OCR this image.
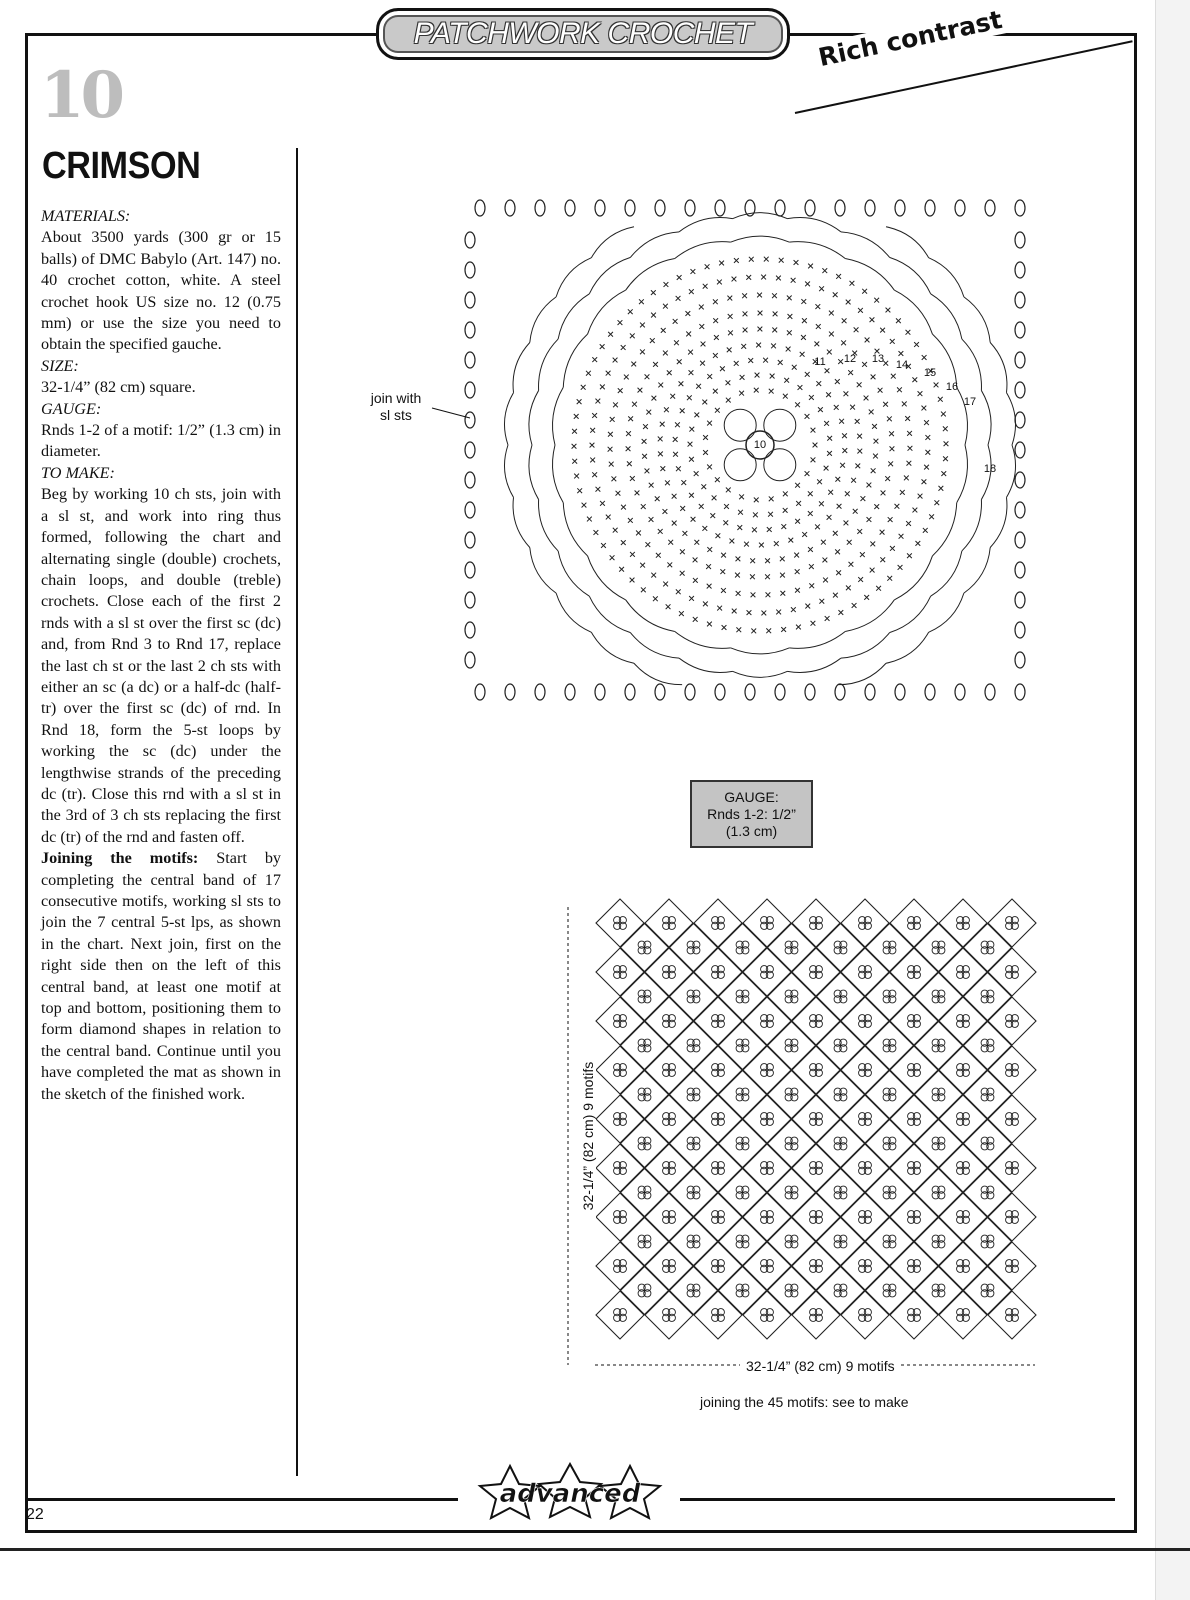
PATCHWORK CROCHET	Rich contrast
10
CRIMSON

MATERIALS:

About 3500 yards (300 gr or 15 balls) of DMC Babylo (Art. 147) no. 40 crochet cotton, white. A steel crochet hook US size no. 12 (0.75 mm) or use the size you need to obtain the specified gauche.

SIZE:

32-1/4” (82 cm) square.

GAUGE:

Rnds 1-2 of a motif: 1/2” (1.3 cm) in diameter.

TO MAKE:

Beg by working 10 ch sts, join with a sl st, and work into ring thus formed, following the chart and alternating single (double) crochets, chain loops, and double (treble) crochets. Close each of the first 2 rnds with a sl st over the first sc (dc) and, from Rnd 3 to Rnd 17, replace the last ch st or the last 2 ch sts with either an sc (a dc) or a half-dc (half-tr) over the first sc (dc) of rnd. In Rnd 18, form the 5-st loops by working the sc (dc) under the lengthwise strands of the preceding dc (tr). Close this rnd with a sl st in the 3rd of 3 ch sts replacing the first dc (tr) of the rnd and fasten off.

Joining the motifs: Start by completing the central band of 17 consecutive motifs, working sl sts to join the 7 central 5-st lps, as shown in the chart. Next join, first on the right side then on the left of this central band, at least one motif at top and bottom, positioning them to form diamond shapes in relation to the central band. Continue until you have completed the mat as shown in the sketch of the finished work.

10
11 12 13 14
15
16
17
18
join with
sl sts
GAUGE:
Rnds 1-2: 1/2”
(1.3 cm)
32-1/4” (82 cm) 9 motifs
32-1/4” (82 cm) 9 motifs
joining the 45 motifs: see to make
advanced
22
